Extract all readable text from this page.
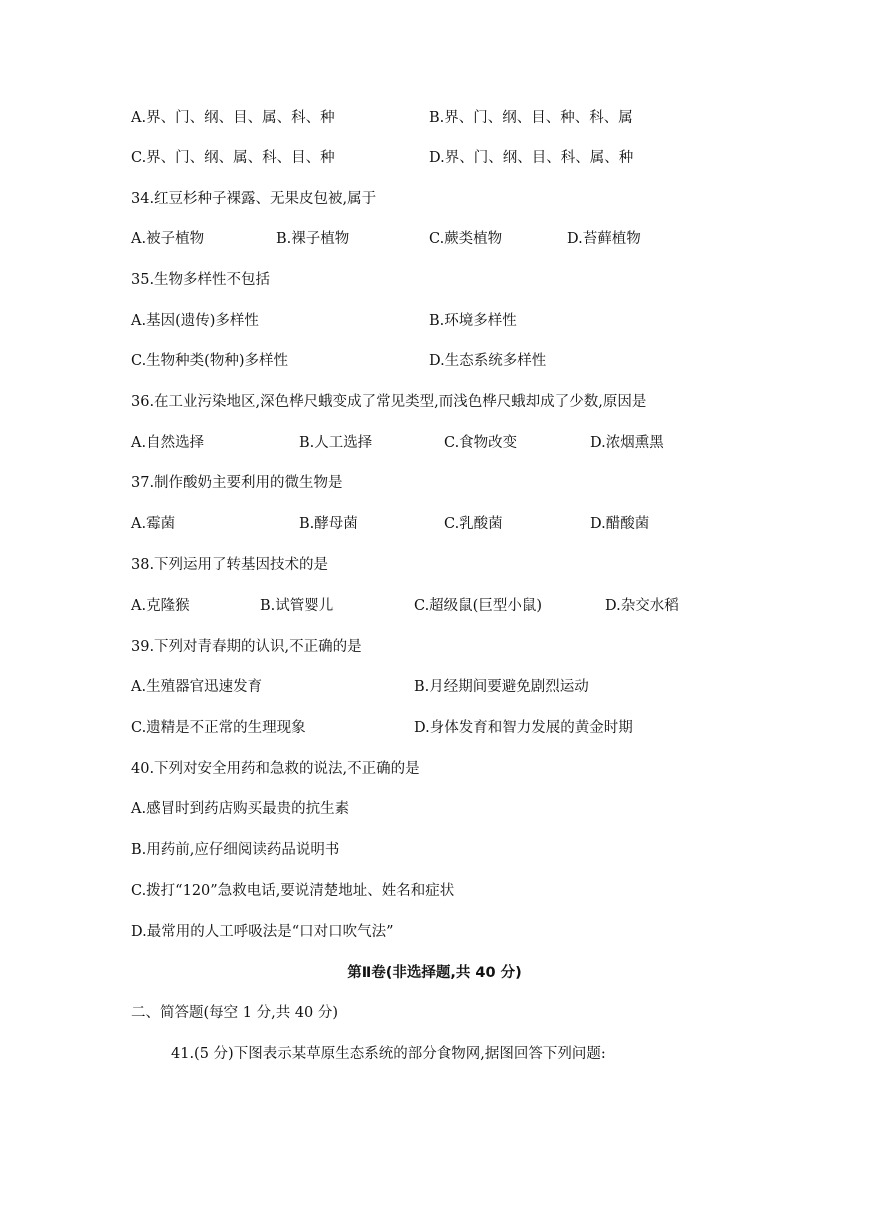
A.界、门、纲、目、属、科、种	B.界、门、纲、目、种、科、属
C.界、门、纲、属、科、目、种	D.界、门、纲、目、科、属、种
34.红豆杉种子裸露、无果皮包被,属于
A.被子植物	B.裸子植物	C.蕨类植物	D.苔藓植物
35.生物多样性不包括
A.基因(遗传)多样性	B.环境多样性
C.生物种类(物种)多样性	D.生态系统多样性
36.在工业污染地区,深色桦尺蛾变成了常见类型,而浅色桦尺蛾却成了少数,原因是
A.自然选择	B.人工选择	C.食物改变	D.浓烟熏黑
37.制作酸奶主要利用的微生物是
A.霉菌	B.酵母菌	C.乳酸菌	D.醋酸菌
38.下列运用了转基因技术的是
A.克隆猴	B.试管婴儿	C.超级鼠(巨型小鼠)	D.杂交水稻
39.下列对青春期的认识,不正确的是
A.生殖器官迅速发育	B.月经期间要避免剧烈运动
C.遗精是不正常的生理现象	D.身体发育和智力发展的黄金时期
40.下列对安全用药和急救的说法,不正确的是
A.感冒时到药店购买最贵的抗生素
B.用药前,应仔细阅读药品说明书
C.拨打“120”急救电话,要说清楚地址、姓名和症状
D.最常用的人工呼吸法是“口对口吹气法”
第Ⅱ卷(非选择题,共 40 分)
二、简答题(每空 1 分,共 40 分)
41.(5 分)下图表示某草原生态系统的部分食物网,据图回答下列问题:
